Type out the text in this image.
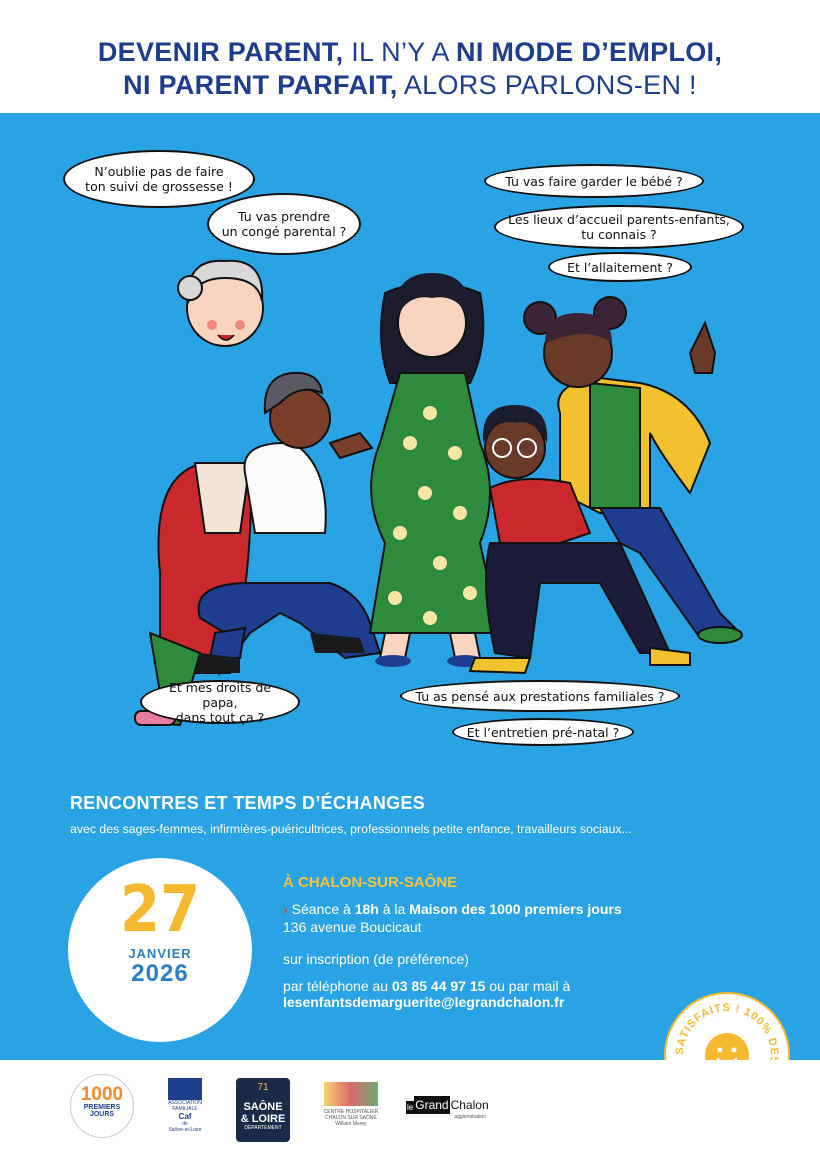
DEVENIR PARENT, IL N’Y A NI MODE D’EMPLOI,
NI PARENT PARFAIT, ALORS PARLONS-EN !
N’oublie pas de faire
ton suivi de grossesse !
Tu vas prendre
un congé parental ?
Tu vas faire garder le bébé ?
Les lieux d’accueil parents-enfants,
tu connais ?
Et l’allaitement ?
Et mes droits de papa,
dans tout ça ?
Tu as pensé aux prestations familiales ?
Et l’entretien pré-natal ?
SATISFAITS ! 100% DE
RENCONTRES ET TEMPS D’ÉCHANGES
avec des sages-femmes, infirmières-puéricultrices, professionnels petite enfance, travailleurs sociaux...
27
JANVIER
2026
À CHALON-SUR-SAÔNE
› Séance à 18h à la Maison des 1000 premiers jours
136 avenue Boucicaut
sur inscription (de préférence)
par téléphone au 03 85 44 97 15 ou par mail à
lesenfantsdemarguerite@legrandchalon.fr
1000
PREMIERS
JOURS
ASSOCIATION
FAMILIALE
Caf
de
Saône-et-Loire
71
SAÔNE
& LOIRE
DÉPARTEMENT
CENTRE HOSPITALIER
CHALON SUR SAÔNE
William Morey
le Grand Chalon
agglomération
